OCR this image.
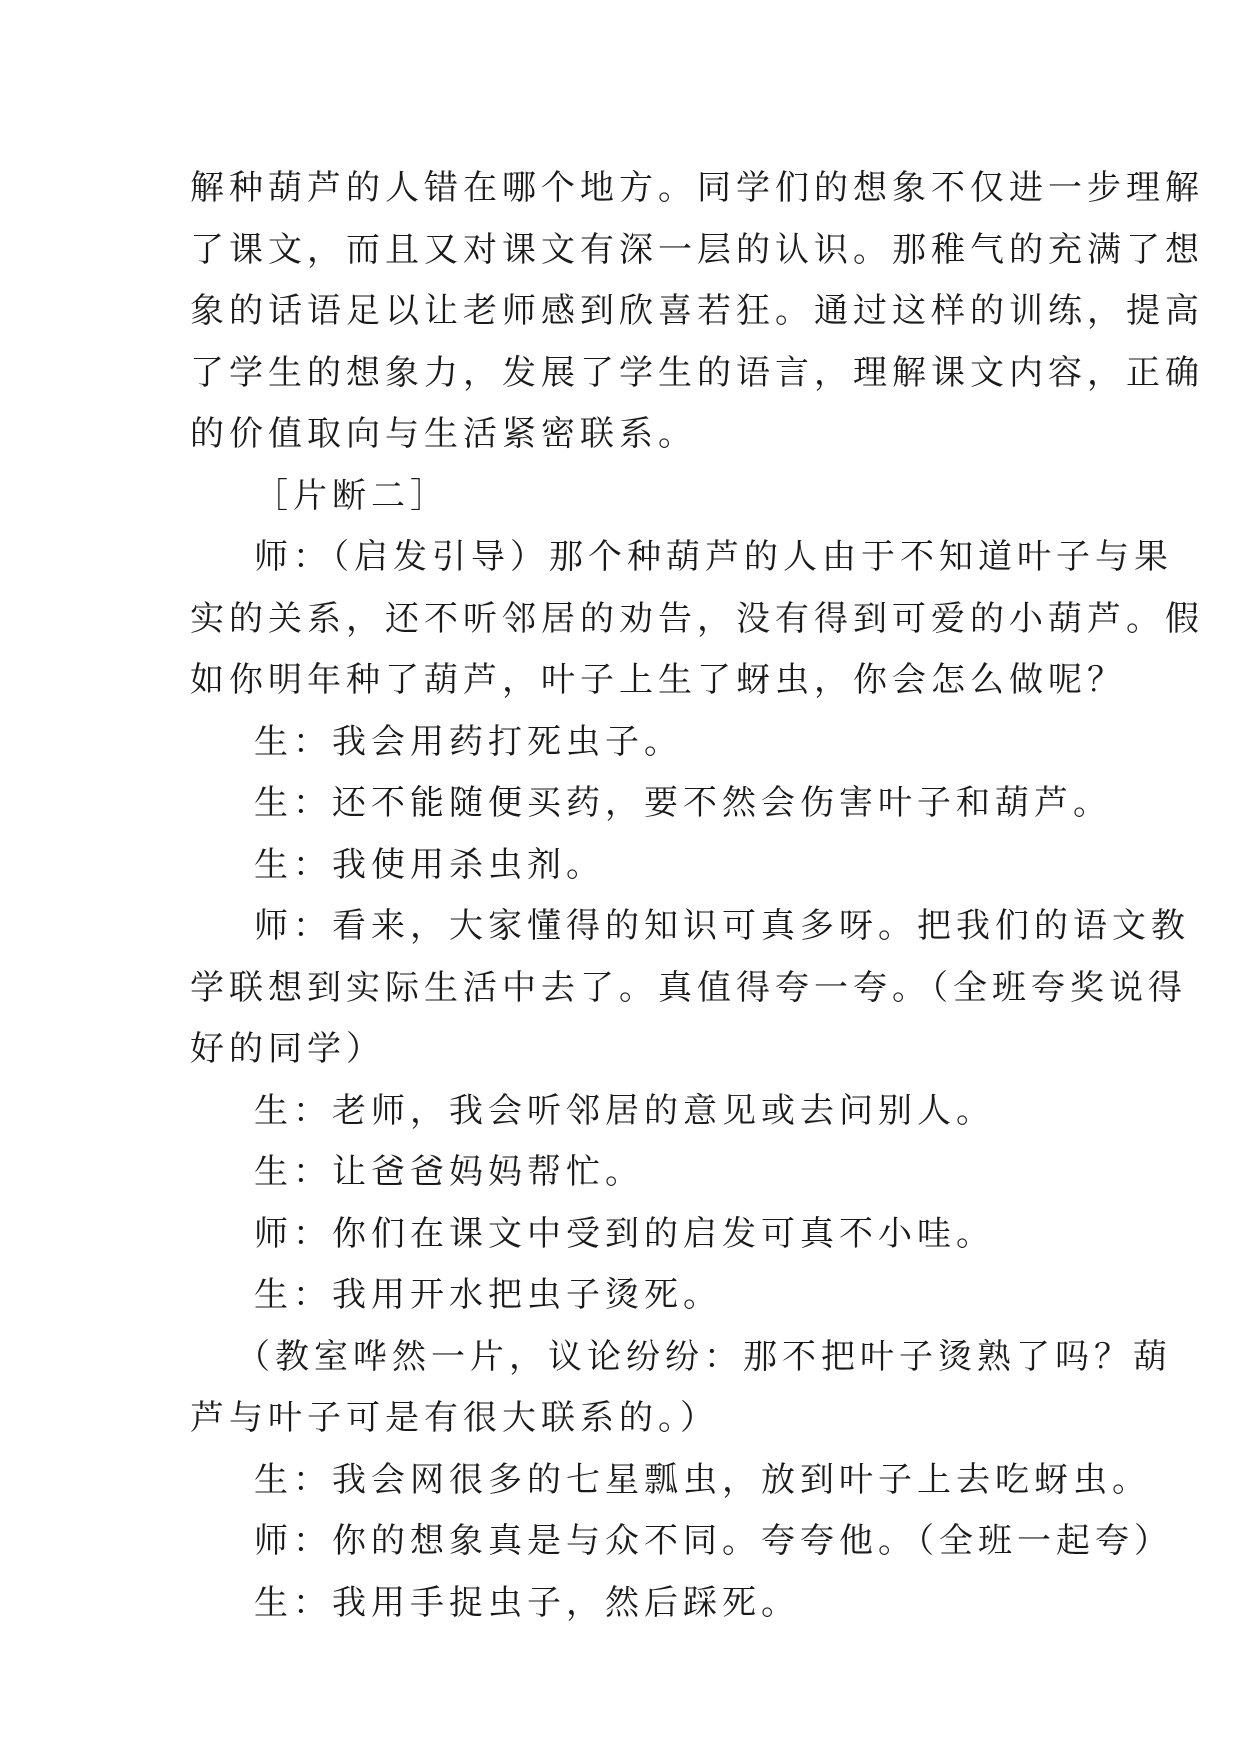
解种葫芦的人错在哪个地方。同学们的想象不仅进一步理解
了课文，而且又对课文有深一层的认识。那稚气的充满了想
象的话语足以让老师感到欣喜若狂。通过这样的训练，提高
了学生的想象力，发展了学生的语言，理解课文内容，正确
的价值取向与生活紧密联系。
［片断二］
师：（启发引导）那个种葫芦的人由于不知道叶子与果
实的关系，还不听邻居的劝告，没有得到可爱的小葫芦。假
如你明年种了葫芦，叶子上生了蚜虫，你会怎么做呢？
生：我会用药打死虫子。
生：还不能随便买药，要不然会伤害叶子和葫芦。
生：我使用杀虫剂。
师：看来，大家懂得的知识可真多呀。把我们的语文教
学联想到实际生活中去了。真值得夸一夸。（全班夸奖说得
好的同学）
生：老师，我会听邻居的意见或去问别人。
生：让爸爸妈妈帮忙。
师：你们在课文中受到的启发可真不小哇。
生：我用开水把虫子烫死。
（教室哗然一片，议论纷纷：那不把叶子烫熟了吗？葫
芦与叶子可是有很大联系的。）
生：我会网很多的七星瓢虫，放到叶子上去吃蚜虫。
师：你的想象真是与众不同。夸夸他。（全班一起夸）
生：我用手捉虫子，然后踩死。
